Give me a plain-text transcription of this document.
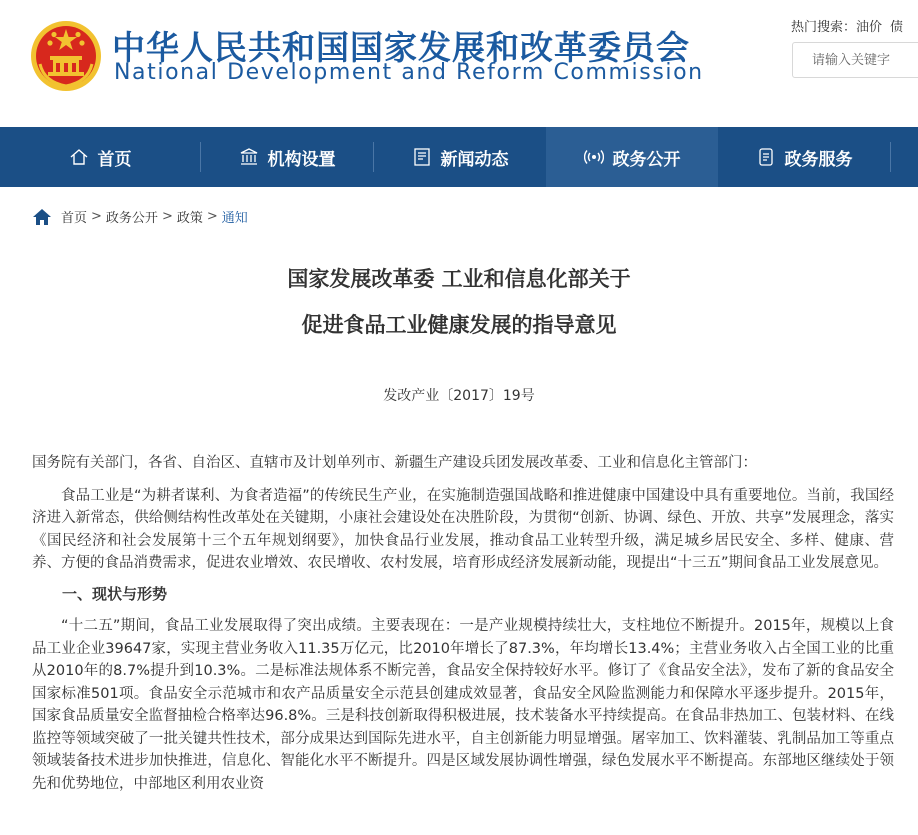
中华人民共和国国家发展和改革委员会
National Development and Reform Commission
热门搜索：油价 债
请输入关键字
首页	机构设置	新闻动态	政务公开	政务服务
首页 > 政务公开 > 政策 > 通知
国家发展改革委 工业和信息化部关于
促进食品工业健康发展的指导意见
发改产业〔2017〕19号

国务院有关部门，各省、自治区、直辖市及计划单列市、新疆生产建设兵团发展改革委、工业和信息化主管部门：

食品工业是“为耕者谋利、为食者造福”的传统民生产业，在实施制造强国战略和推进健康中国建设中具有重要地位。当前，我国经济进入新常态，供给侧结构性改革处在关键期，小康社会建设处在决胜阶段，为贯彻“创新、协调、绿色、开放、共享”发展理念，落实《国民经济和社会发展第十三个五年规划纲要》，加快食品行业发展，推动食品工业转型升级，满足城乡居民安全、多样、健康、营养、方便的食品消费需求，促进农业增效、农民增收、农村发展，培育形成经济发展新动能，现提出“十三五”期间食品工业发展意见。

一、现状与形势

“十二五”期间，食品工业发展取得了突出成绩。主要表现在：一是产业规模持续壮大，支柱地位不断提升。2015年，规模以上食品工业企业39647家，实现主营业务收入11.35万亿元，比2010年增长了87.3%，年均增长13.4%；主营业务收入占全国工业的比重从2010年的8.7%提升到10.3%。二是标准法规体系不断完善，食品安全保持较好水平。修订了《食品安全法》，发布了新的食品安全国家标准501项。食品安全示范城市和农产品质量安全示范县创建成效显著，食品安全风险监测能力和保障水平逐步提升。2015年，国家食品质量安全监督抽检合格率达96.8%。三是科技创新取得积极进展，技术装备水平持续提高。在食品非热加工、包装材料、在线监控等领域突破了一批关键共性技术，部分成果达到国际先进水平，自主创新能力明显增强。屠宰加工、饮料灌装、乳制品加工等重点领域装备技术进步加快推进，信息化、智能化水平不断提升。四是区域发展协调性增强，绿色发展水平不断提高。东部地区继续处于领先和优势地位，中部地区利用农业资
